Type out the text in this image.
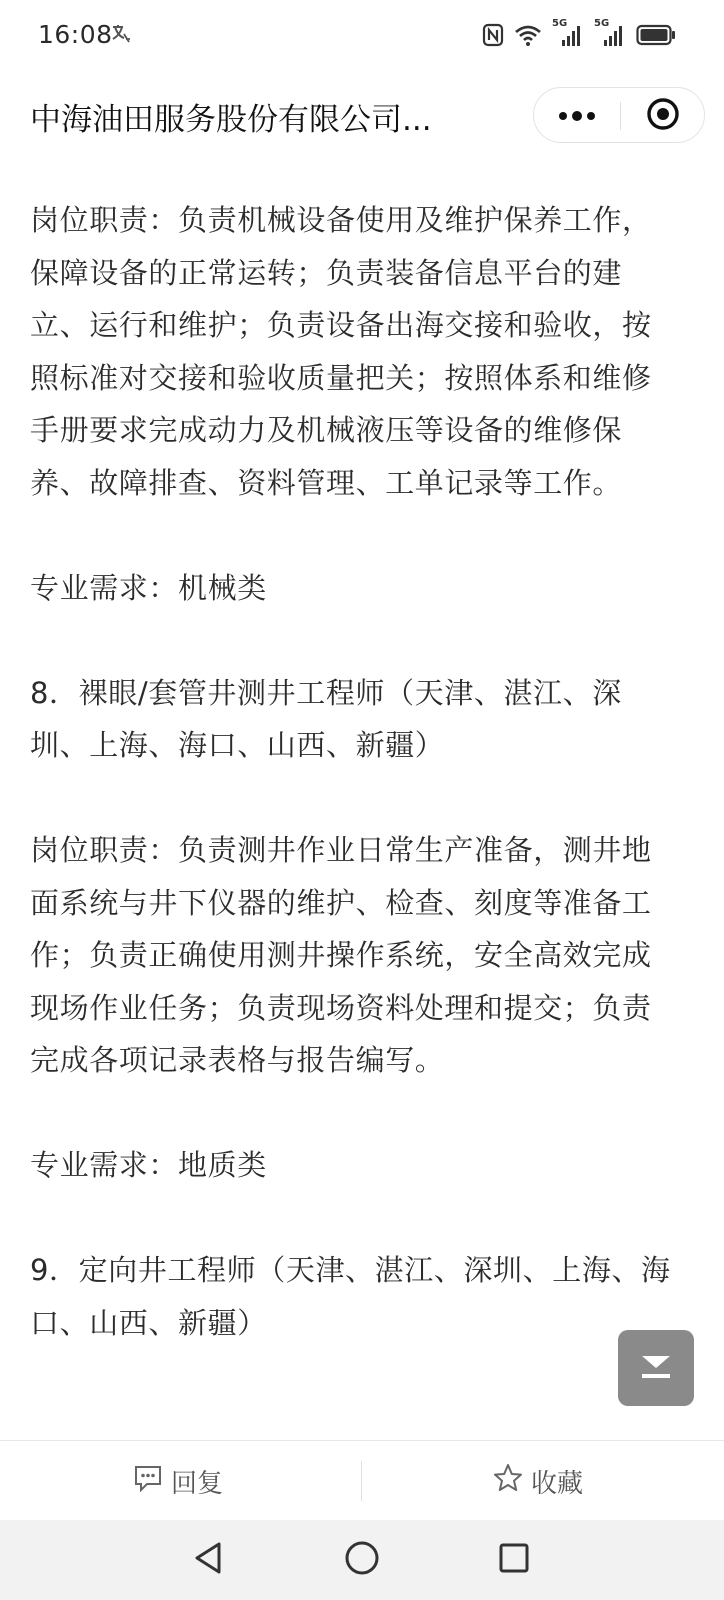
16:08	5G	5G
中海油田服务股份有限公司...

岗位职责：负责机械设备使用及维护保养工作，保障设备的正常运转；负责装备信息平台的建立、运行和维护；负责设备出海交接和验收，按照标准对交接和验收质量把关；按照体系和维修手册要求完成动力及机械液压等设备的维修保养、故障排查、资料管理、工单记录等工作。

专业需求：机械类

8．裸眼/套管井测井工程师（天津、湛江、深圳、上海、海口、山西、新疆）

岗位职责：负责测井作业日常生产准备，测井地面系统与井下仪器的维护、检查、刻度等准备工作；负责正确使用测井操作系统，安全高效完成现场作业任务；负责现场资料处理和提交；负责完成各项记录表格与报告编写。

专业需求：地质类

9．定向井工程师（天津、湛江、深圳、上海、海口、山西、新疆）

回复	收藏
